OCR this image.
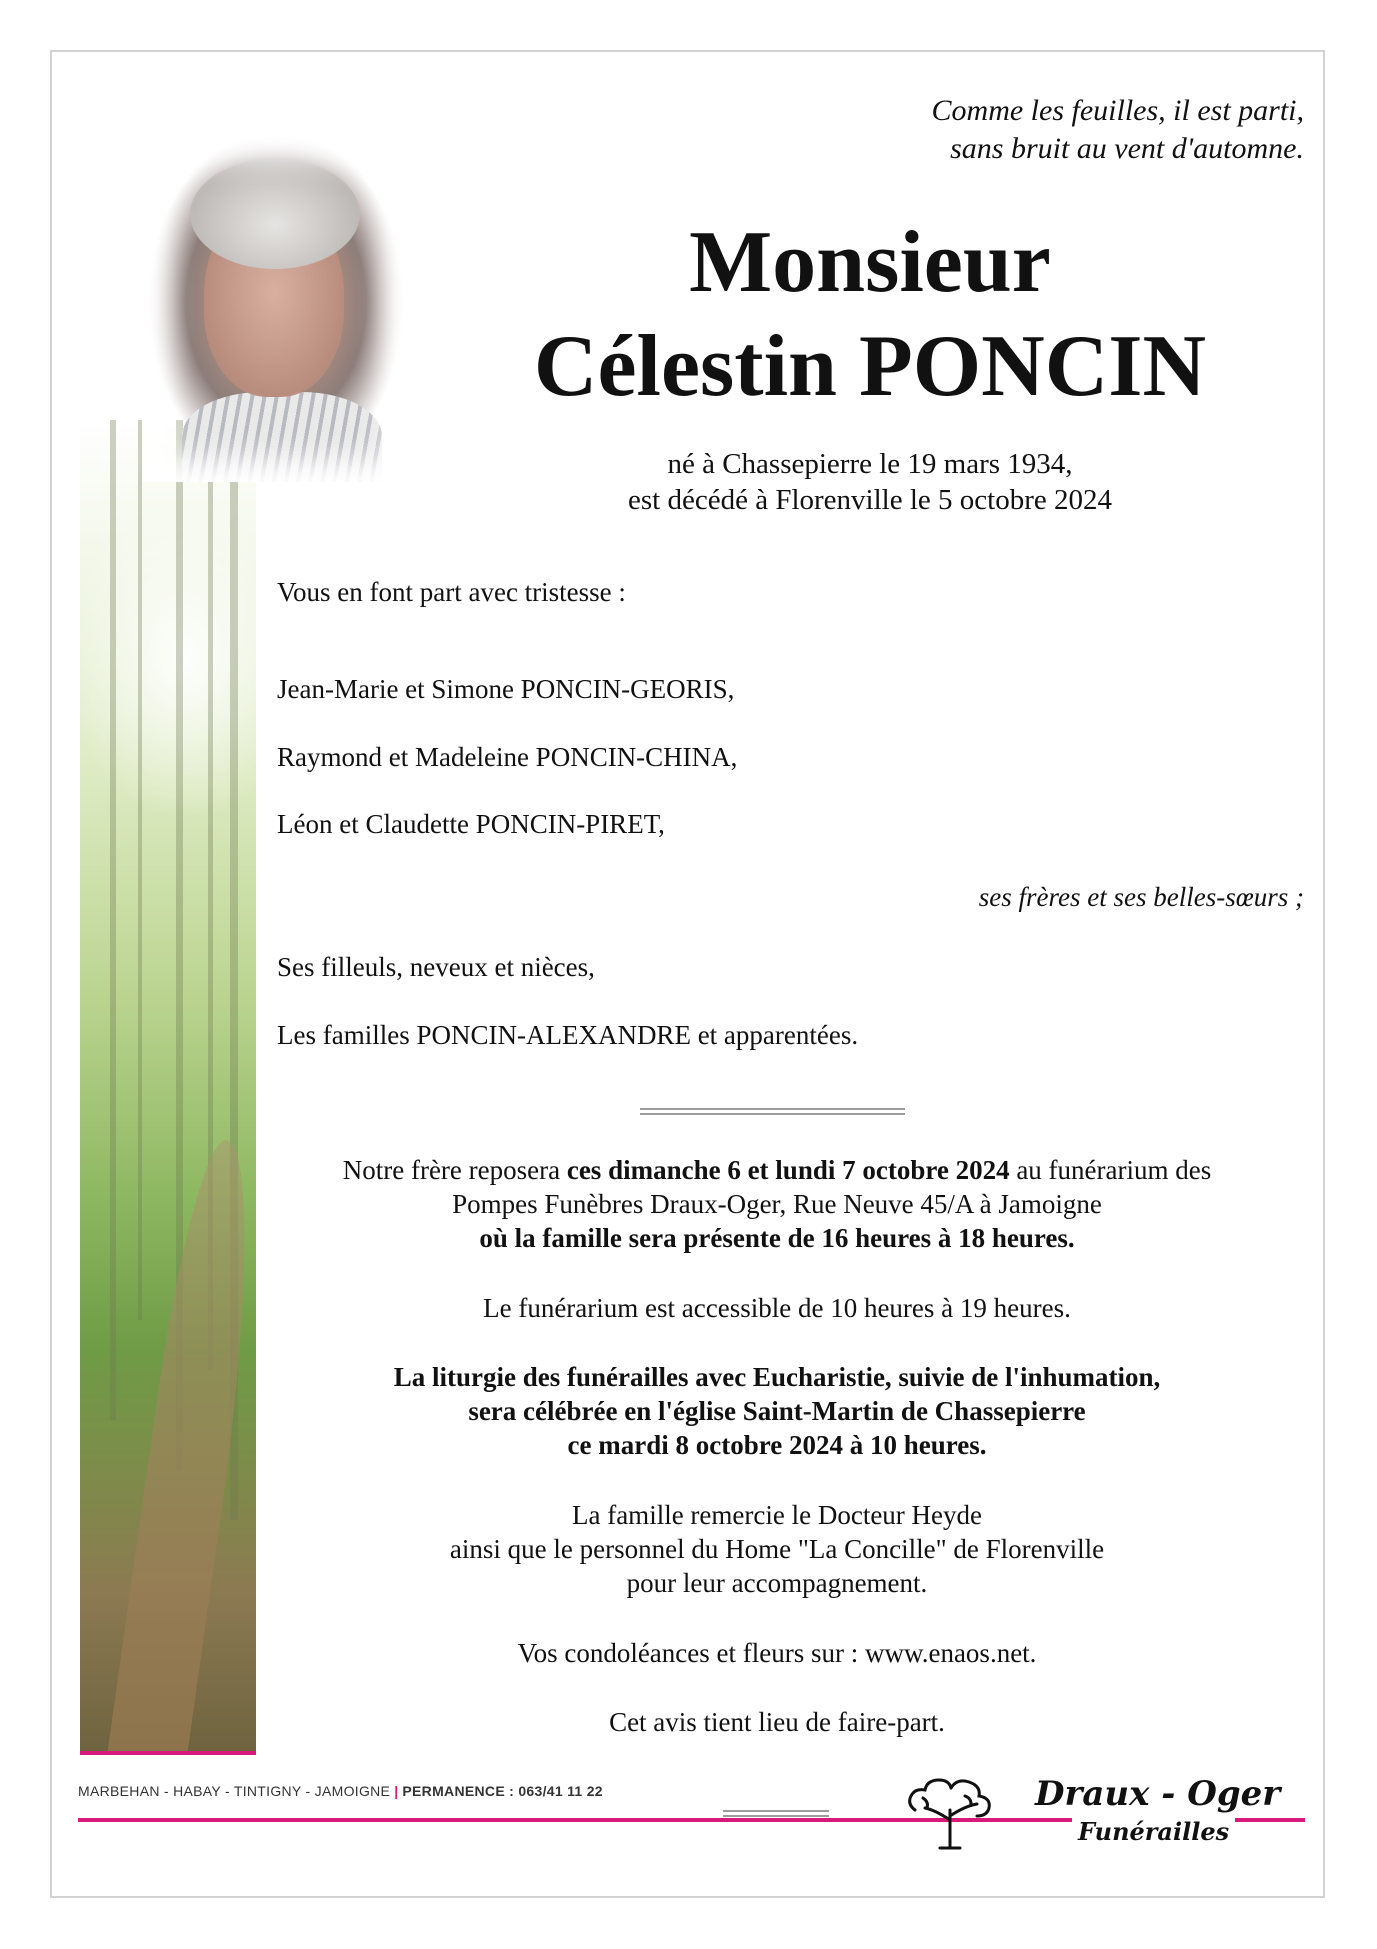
Comme les feuilles, il est parti,
sans bruit au vent d'automne.
Monsieur
Célestin PONCIN
né à Chassepierre le 19 mars 1934,
est décédé à Florenville le 5 octobre 2024
Vous en font part avec tristesse :
Jean-Marie et Simone PONCIN-GEORIS,
Raymond et Madeleine PONCIN-CHINA,
Léon et Claudette PONCIN-PIRET,
ses frères et ses belles-sœurs ;
Ses filleuls, neveux et nièces,
Les familles PONCIN-ALEXANDRE et apparentées.
Notre frère reposera ces dimanche 6 et lundi 7 octobre 2024 au funérarium des
Pompes Funèbres Draux-Oger, Rue Neuve 45/A à Jamoigne
où la famille sera présente de 16 heures à 18 heures.
Le funérarium est accessible de 10 heures à 19 heures.
La liturgie des funérailles avec Eucharistie, suivie de l'inhumation,
sera célébrée en l'église Saint-Martin de Chassepierre
ce mardi 8 octobre 2024 à 10 heures.
La famille remercie le Docteur Heyde
ainsi que le personnel du Home "La Concille" de Florenville
pour leur accompagnement.
Vos condoléances et fleurs sur : www.enaos.net.
Cet avis tient lieu de faire-part.
MARBEHAN - HABAY - TINTIGNY - JAMOIGNE | PERMANENCE : 063/41 11 22	Draux - Oger
Funérailles
